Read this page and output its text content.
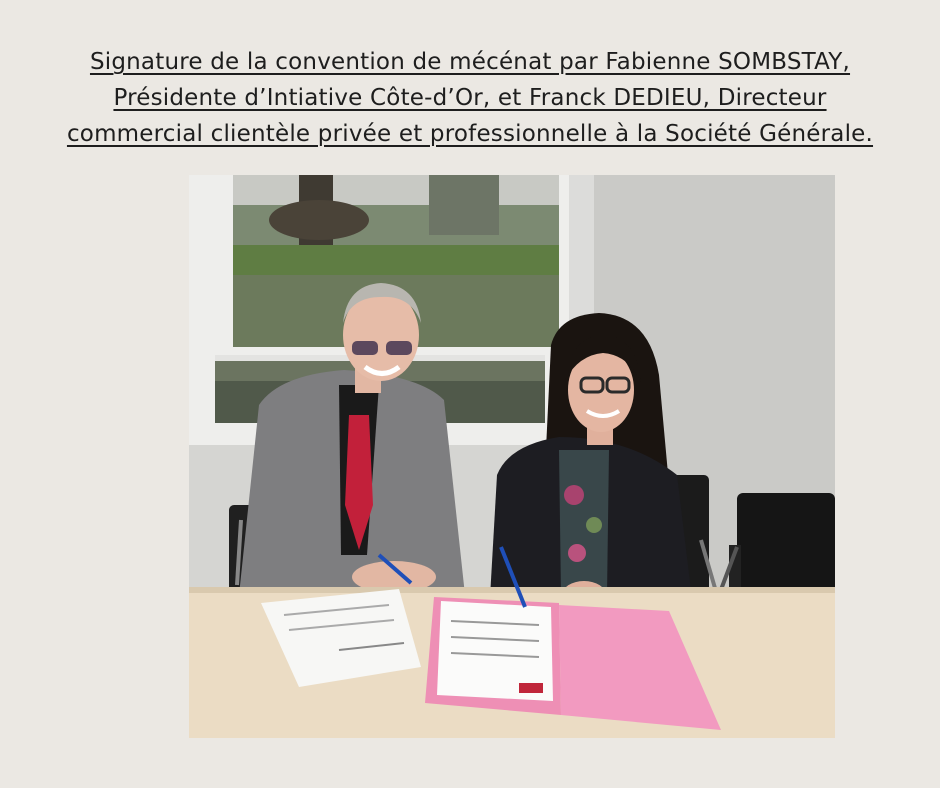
Signature de la convention de mécénat par Fabienne SOMBSTAY,
Présidente d’Intiative Côte-d’Or, et Franck DEDIEU, Directeur
commercial clientèle privée et professionnelle à la Société Générale.
